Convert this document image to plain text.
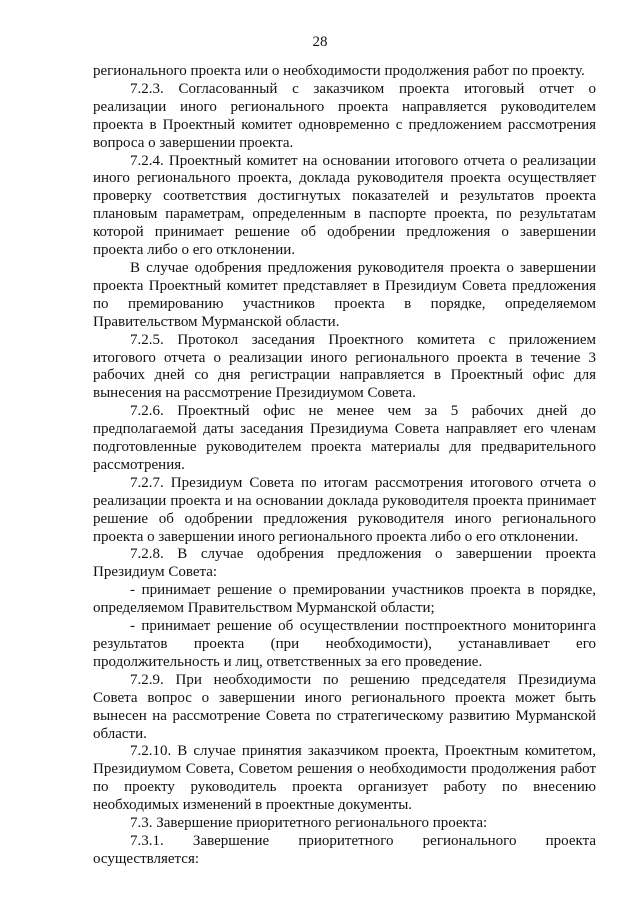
28

регионального проекта или о необходимости продолжения работ по проекту.

7.2.3. Согласованный с заказчиком проекта итоговый отчет о реализации иного регионального проекта направляется руководителем проекта в Проектный комитет одновременно с предложением рассмотрения вопроса о завершении проекта.

7.2.4. Проектный комитет на основании итогового отчета о реализации иного регионального проекта, доклада руководителя проекта осуществляет проверку соответствия достигнутых показателей и результатов проекта плановым параметрам, определенным в паспорте проекта, по результатам которой принимает решение об одобрении предложения о завершении проекта либо о его отклонении.

В случае одобрения предложения руководителя проекта о завершении проекта Проектный комитет представляет в Президиум Совета предложения по премированию участников проекта в порядке, определяемом Правительством Мурманской области.

7.2.5. Протокол заседания Проектного комитета с приложением итогового отчета о реализации иного регионального проекта в течение 3 рабочих дней со дня регистрации направляется в Проектный офис для вынесения на рассмотрение Президиумом Совета.

7.2.6. Проектный офис не менее чем за 5 рабочих дней до предполагаемой даты заседания Президиума Совета направляет его членам подготовленные руководителем проекта материалы для предварительного рассмотрения.

7.2.7. Президиум Совета по итогам рассмотрения итогового отчета о реализации проекта и на основании доклада руководителя проекта принимает решение об одобрении предложения руководителя иного регионального проекта о завершении иного регионального проекта либо о его отклонении.

7.2.8. В случае одобрения предложения о завершении проекта Президиум Совета:

- принимает решение о премировании участников проекта в порядке, определяемом Правительством Мурманской области;

- принимает решение об осуществлении постпроектного мониторинга результатов проекта (при необходимости), устанавливает его продолжительность и лиц, ответственных за его проведение.

7.2.9. При необходимости по решению председателя Президиума Совета вопрос о завершении иного регионального проекта может быть вынесен на рассмотрение Совета по стратегическому развитию Мурманской области.

7.2.10. В случае принятия заказчиком проекта, Проектным комитетом, Президиумом Совета, Советом решения о необходимости продолжения работ по проекту руководитель проекта организует работу по внесению необходимых изменений в проектные документы.

7.3. Завершение приоритетного регионального проекта:

7.3.1. Завершение приоритетного регионального проекта осуществляется:
